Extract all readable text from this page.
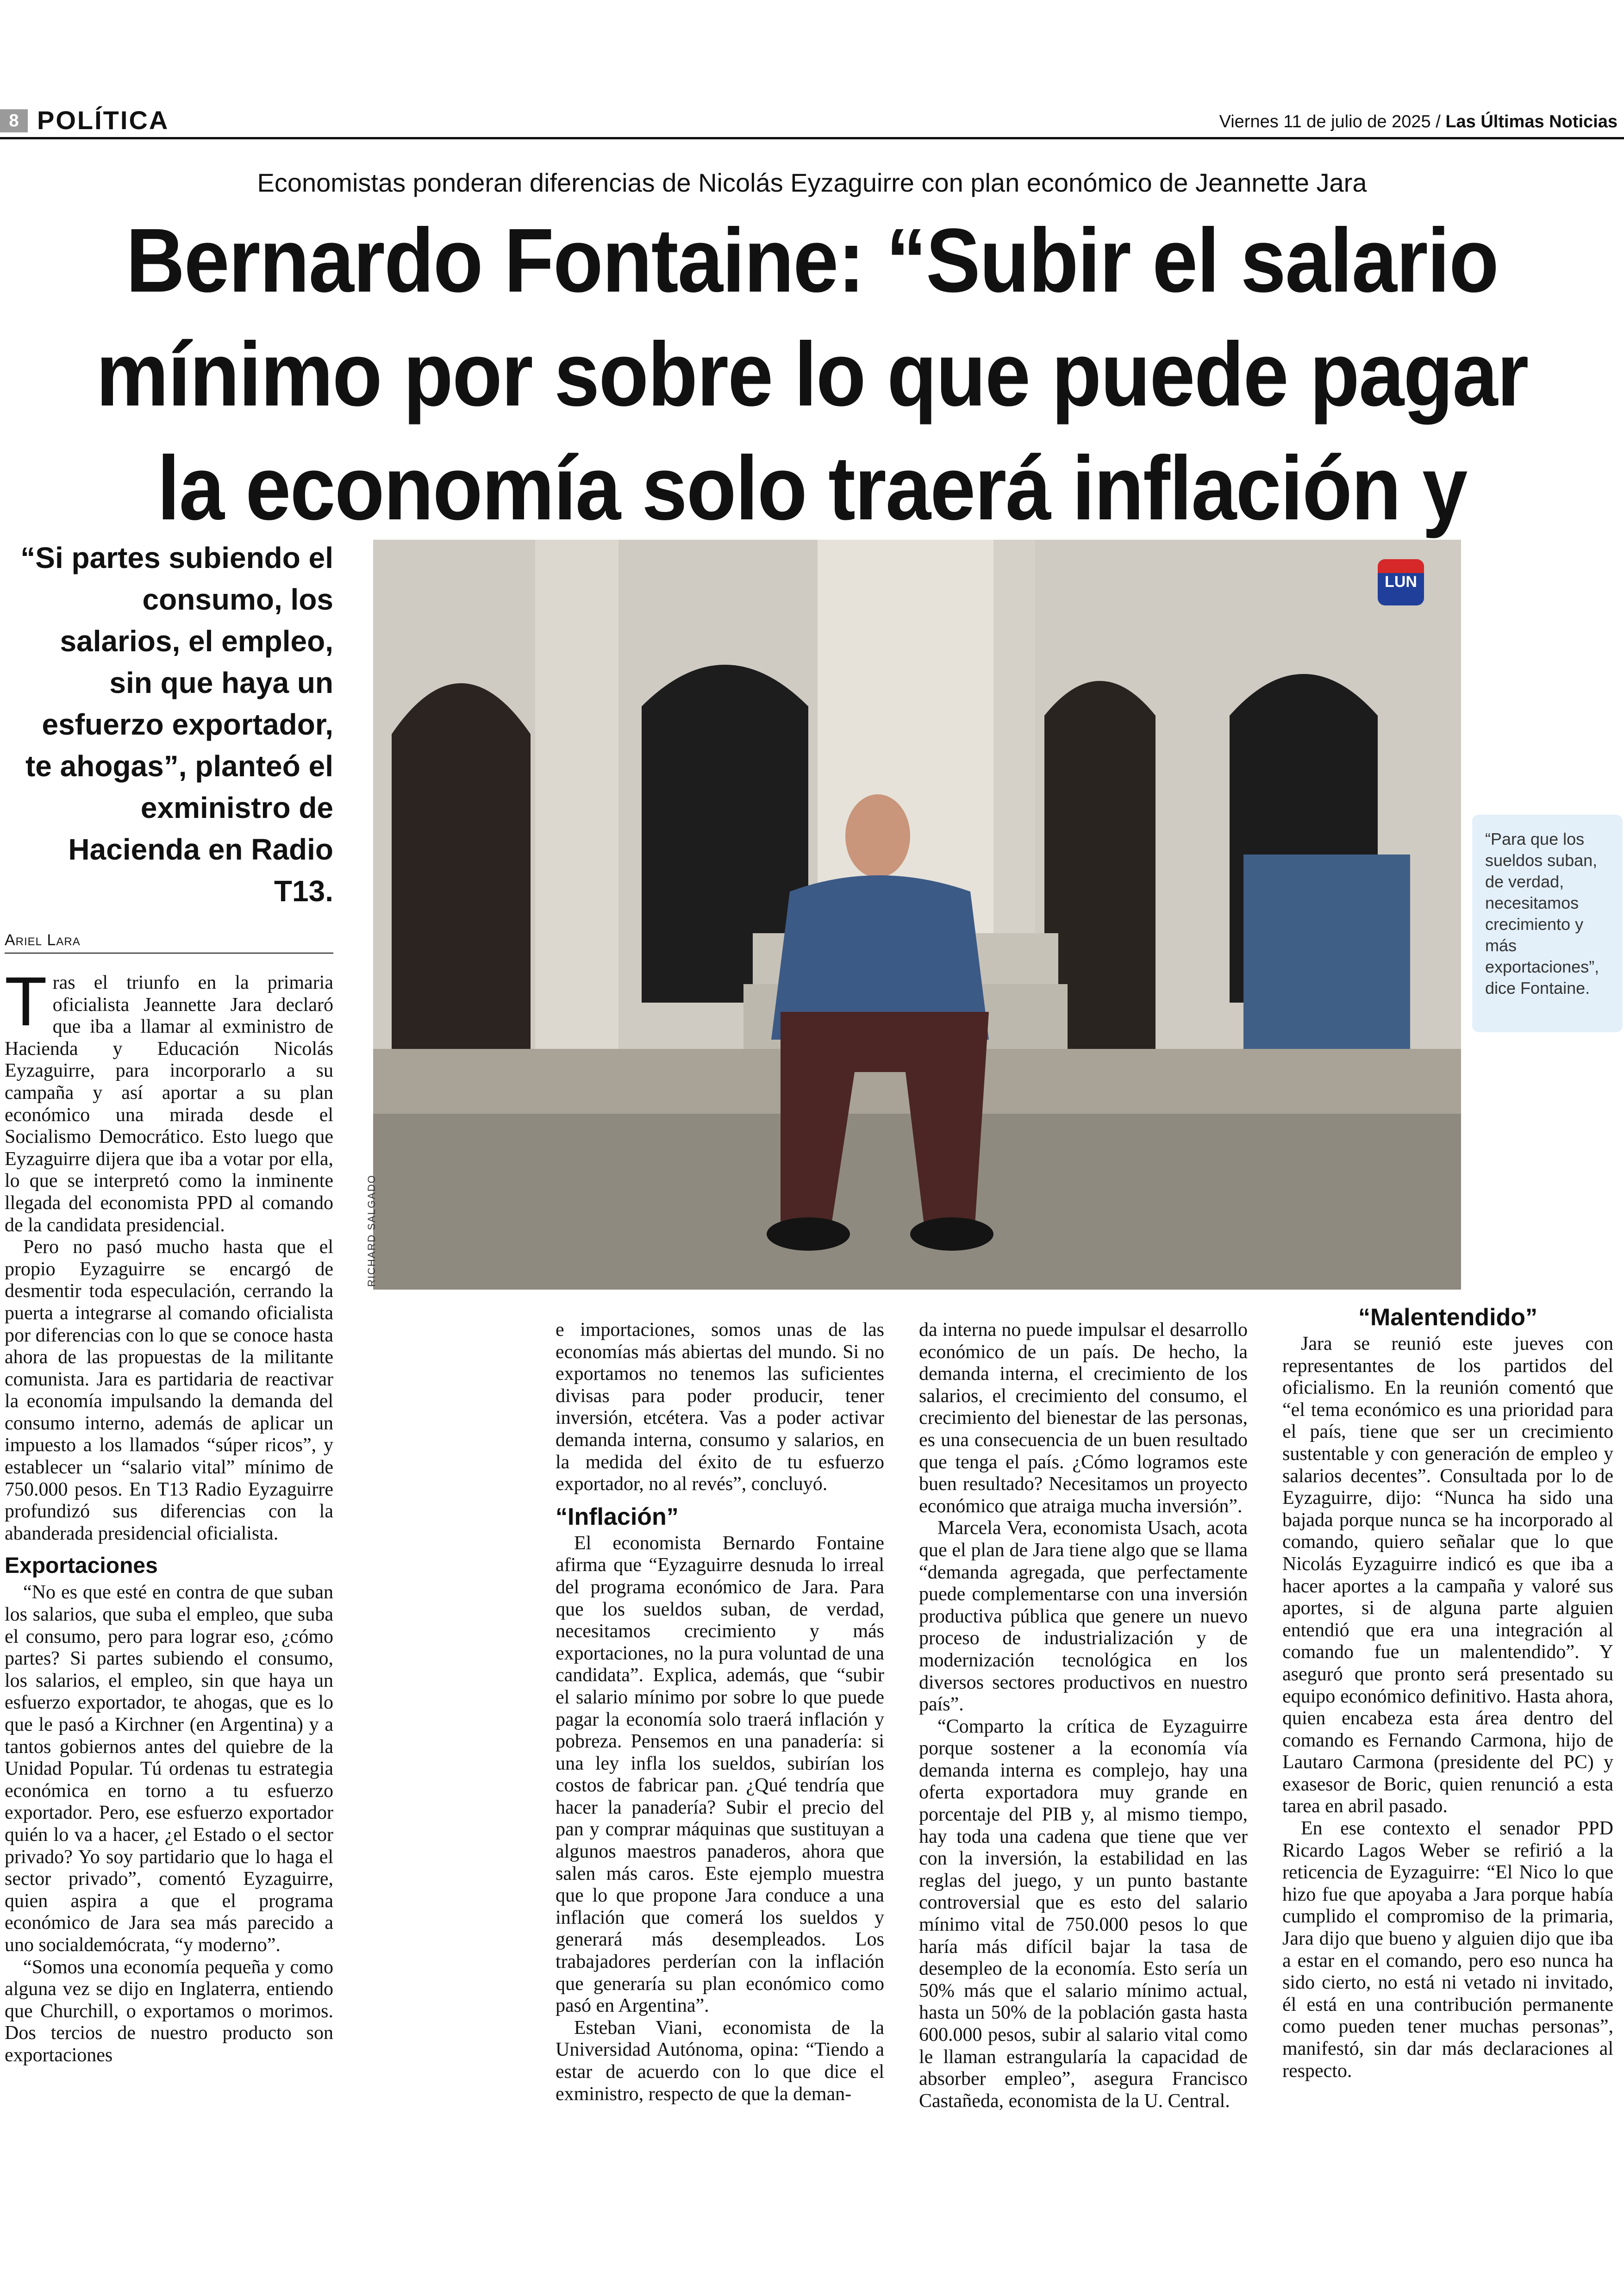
8 POLÍTICA	Viernes 11 de julio de 2025 / Las Últimas Noticias
Economistas ponderan diferencias de Nicolás Eyzaguirre con plan económico de Jeannette Jara
Bernardo Fontaine: “Subir el salario mínimo por sobre lo que puede pagar la economía solo traerá inflación y
“Si partes subiendo el consumo, los salarios, el empleo, sin que haya un esfuerzo exportador, te ahogas”, planteó el exministro de Hacienda en Radio T13.
Ariel Lara
LUN
RICHARD SALGADO
“Para que los sueldos suban, de verdad, necesitamos crecimiento y más exportaciones”, dice Fontaine.

Tras el triunfo en la primaria oficialista Jeannette Jara declaró que iba a llamar al exministro de Hacienda y Educación Nicolás Eyzaguirre, para incorporarlo a su campaña y así aportar a su plan económico una mirada desde el Socialismo Democrático. Esto luego que Eyzaguirre dijera que iba a votar por ella, lo que se interpretó como la inminente llegada del economista PPD al comando de la candidata presidencial.

Pero no pasó mucho hasta que el propio Eyzaguirre se encargó de desmentir toda especulación, cerrando la puerta a integrarse al comando oficialista por diferencias con lo que se conoce hasta ahora de las propuestas de la militante comunista. Jara es partidaria de reactivar la economía impulsando la demanda del consumo interno, además de aplicar un impuesto a los llamados “súper ricos”, y establecer un “salario vital” mínimo de 750.000 pesos. En T13 Radio Eyzaguirre profundizó sus diferencias con la abanderada presidencial oficialista.

Exportaciones

“No es que esté en contra de que suban los salarios, que suba el empleo, que suba el consumo, pero para lograr eso, ¿cómo partes? Si partes subiendo el consumo, los salarios, el empleo, sin que haya un esfuerzo exportador, te ahogas, que es lo que le pasó a Kirchner (en Argentina) y a tantos gobiernos antes del quiebre de la Unidad Popular. Tú ordenas tu estrategia económica en torno a tu esfuerzo exportador. Pero, ese esfuerzo exportador quién lo va a hacer, ¿el Estado o el sector privado? Yo soy partidario que lo haga el sector privado”, comentó Eyzaguirre, quien aspira a que el programa económico de Jara sea más parecido a uno socialdemócrata, “y moderno”.

“Somos una economía pequeña y como alguna vez se dijo en Inglaterra, entiendo que Churchill, o exportamos o morimos. Dos tercios de nuestro producto son exportaciones

e importaciones, somos unas de las economías más abiertas del mundo. Si no exportamos no tenemos las suficientes divisas para poder producir, tener inversión, etcétera. Vas a poder activar demanda interna, consumo y salarios, en la medida del éxito de tu esfuerzo exportador, no al revés”, concluyó.

“Inflación”

El economista Bernardo Fontaine afirma que “Eyzaguirre desnuda lo irreal del programa económico de Jara. Para que los sueldos suban, de verdad, necesitamos crecimiento y más exportaciones, no la pura voluntad de una candidata”. Explica, además, que “subir el salario mínimo por sobre lo que puede pagar la economía solo traerá inflación y pobreza. Pensemos en una panadería: si una ley infla los sueldos, subirían los costos de fabricar pan. ¿Qué tendría que hacer la panadería? Subir el precio del pan y comprar máquinas que sustituyan a algunos maestros panaderos, ahora que salen más caros. Este ejemplo muestra que lo que propone Jara conduce a una inflación que comerá los sueldos y generará más desempleados. Los trabajadores perderían con la inflación que generaría su plan económico como pasó en Argentina”.

Esteban Viani, economista de la Universidad Autónoma, opina: “Tiendo a estar de acuerdo con lo que dice el exministro, respecto de que la deman-

da interna no puede impulsar el desarrollo económico de un país. De hecho, la demanda interna, el crecimiento de los salarios, el crecimiento del consumo, el crecimiento del bienestar de las personas, es una consecuencia de un buen resultado que tenga el país. ¿Cómo logramos este buen resultado? Necesitamos un proyecto económico que atraiga mucha inversión”.

Marcela Vera, economista Usach, acota que el plan de Jara tiene algo que se llama “demanda agregada, que perfectamente puede complementarse con una inversión productiva pública que genere un nuevo proceso de industrialización y de modernización tecnológica en los diversos sectores productivos en nuestro país”.

“Comparto la crítica de Eyzaguirre porque sostener a la economía vía demanda interna es complejo, hay una oferta exportadora muy grande en porcentaje del PIB y, al mismo tiempo, hay toda una cadena que tiene que ver con la inversión, la estabilidad en las reglas del juego, y un punto bastante controversial que es esto del salario mínimo vital de 750.000 pesos lo que haría más difícil bajar la tasa de desempleo de la economía. Esto sería un 50% más que el salario mínimo actual, hasta un 50% de la población gasta hasta 600.000 pesos, subir al salario vital como le llaman estrangularía la capacidad de absorber empleo”, asegura Francisco Castañeda, economista de la U. Central.

“Malentendido”

Jara se reunió este jueves con representantes de los partidos del oficialismo. En la reunión comentó que “el tema económico es una prioridad para el país, tiene que ser un crecimiento sustentable y con generación de empleo y salarios decentes”. Consultada por lo de Eyzaguirre, dijo: “Nunca ha sido una bajada porque nunca se ha incorporado al comando, quiero señalar que lo que Nicolás Eyzaguirre indicó es que iba a hacer aportes a la campaña y valoré sus aportes, si de alguna parte alguien entendió que era una integración al comando fue un malentendido”. Y aseguró que pronto será presentado su equipo económico definitivo. Hasta ahora, quien encabeza esta área dentro del comando es Fernando Carmona, hijo de Lautaro Carmona (presidente del PC) y exasesor de Boric, quien renunció a esta tarea en abril pasado.

En ese contexto el senador PPD Ricardo Lagos Weber se refirió a la reticencia de Eyzaguirre: “El Nico lo que hizo fue que apoyaba a Jara porque había cumplido el compromiso de la primaria, Jara dijo que bueno y alguien dijo que iba a estar en el comando, pero eso nunca ha sido cierto, no está ni vetado ni invitado, él está en una contribución permanente como pueden tener muchas personas”, manifestó, sin dar más declaraciones al respecto.
